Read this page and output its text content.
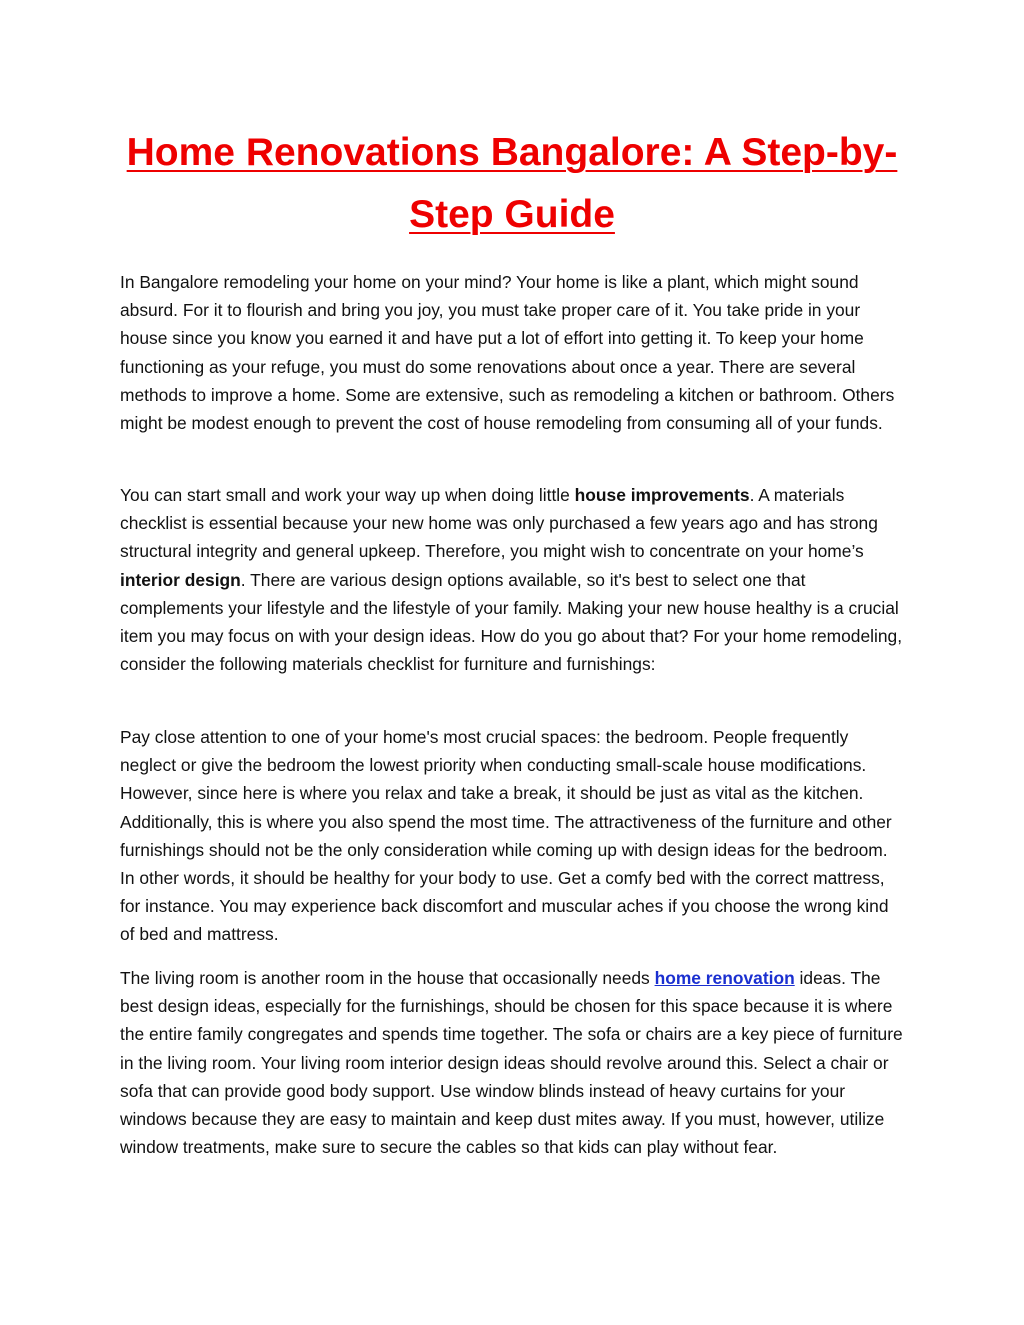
Home Renovations Bangalore: A Step-by-Step Guide

In Bangalore remodeling your home on your mind? Your home is like a plant, which might sound absurd. For it to flourish and bring you joy, you must take proper care of it. You take pride in your house since you know you earned it and have put a lot of effort into getting it. To keep your home functioning as your refuge, you must do some renovations about once a year. There are several methods to improve a home. Some are extensive, such as remodeling a kitchen or bathroom. Others might be modest enough to prevent the cost of house remodeling from consuming all of your funds.

You can start small and work your way up when doing little house improvements. A materials checklist is essential because your new home was only purchased a few years ago and has strong structural integrity and general upkeep. Therefore, you might wish to concentrate on your home’s interior design. There are various design options available, so it's best to select one that complements your lifestyle and the lifestyle of your family. Making your new house healthy is a crucial item you may focus on with your design ideas. How do you go about that? For your home remodeling, consider the following materials checklist for furniture and furnishings:

Pay close attention to one of your home's most crucial spaces: the bedroom. People frequently neglect or give the bedroom the lowest priority when conducting small-scale house modifications. However, since here is where you relax and take a break, it should be just as vital as the kitchen. Additionally, this is where you also spend the most time. The attractiveness of the furniture and other furnishings should not be the only consideration while coming up with design ideas for the bedroom. In other words, it should be healthy for your body to use. Get a comfy bed with the correct mattress, for instance. You may experience back discomfort and muscular aches if you choose the wrong kind of bed and mattress.

The living room is another room in the house that occasionally needs home renovation ideas. The best design ideas, especially for the furnishings, should be chosen for this space because it is where the entire family congregates and spends time together. The sofa or chairs are a key piece of furniture in the living room. Your living room interior design ideas should revolve around this. Select a chair or sofa that can provide good body support. Use window blinds instead of heavy curtains for your windows because they are easy to maintain and keep dust mites away. If you must, however, utilize window treatments, make sure to secure the cables so that kids can play without fear.
